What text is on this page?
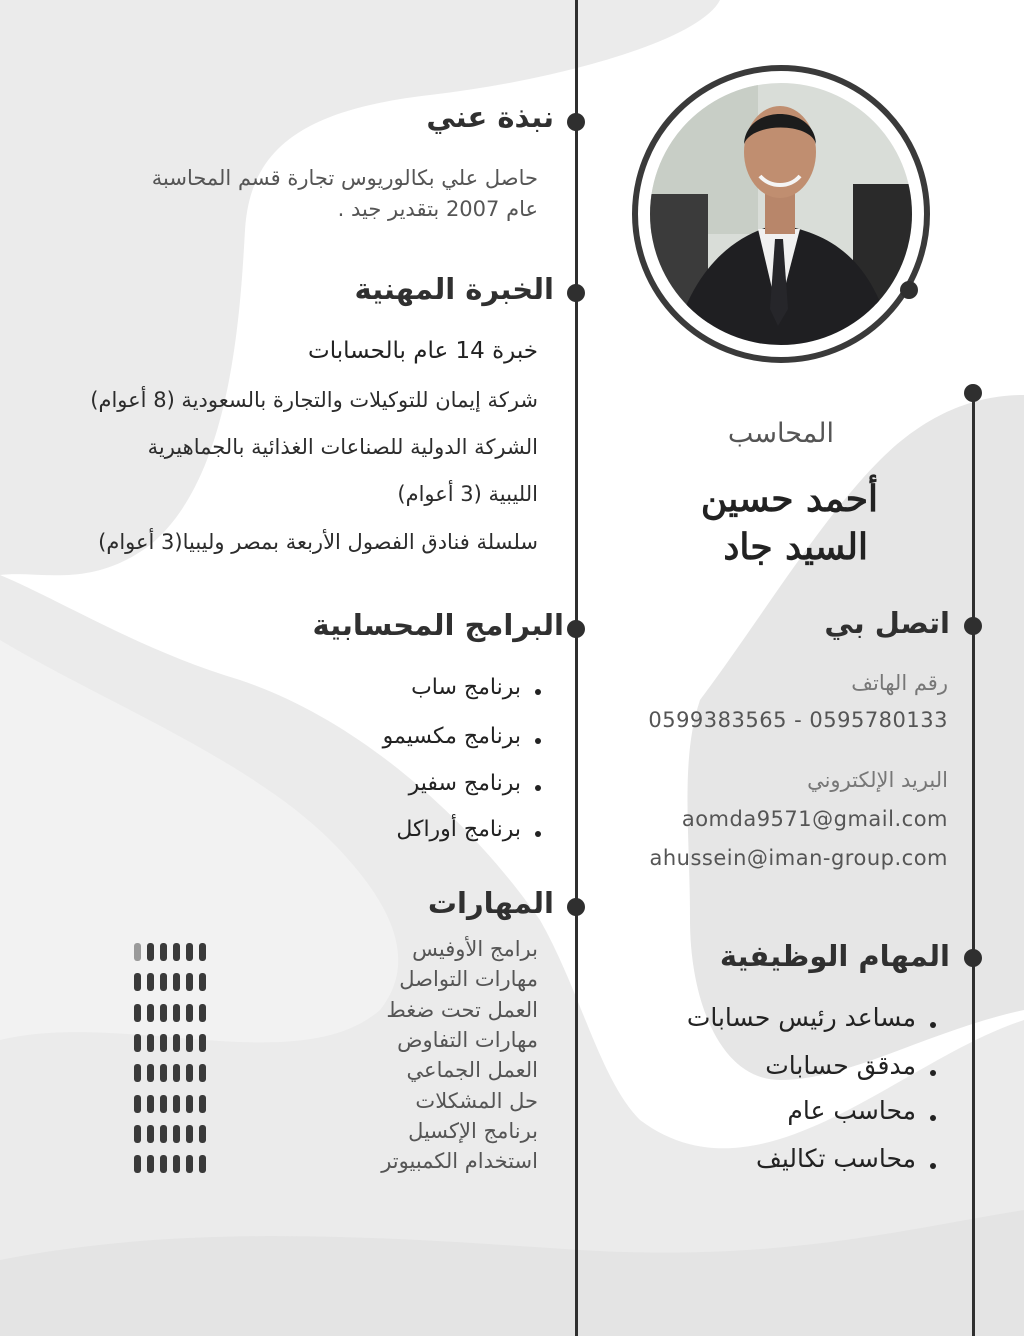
نبذة عني
حاصل علي بكالوريوس تجارة قسم المحاسبة
عام 2007 بتقدير جيد .
الخبرة المهنية
خبرة 14 عام بالحسابات
شركة إيمان للتوكيلات والتجارة بالسعودية (8 أعوام)
الشركة الدولية للصناعات الغذائية بالجماهيرية
الليبية (3 أعوام)
سلسلة فنادق الفصول الأربعة بمصر وليبيا(3 أعوام)
البرامج المحسابية
برنامج ساب
برنامج مكسيمو
برنامج سفير
برنامج أوراكل
المهارات
برامج الأوفيس
مهارات التواصل
العمل تحت ضغط
مهارات التفاوض
العمل الجماعي
حل المشكلات
برنامج الإكسيل
استخدام الكمبيوتر
المحاسب
أحمد حسين
السيد جاد
اتصل بي
رقم الهاتف
0599383565 - 0595780133
البريد الإلكتروني
aomda9571@gmail.com
ahussein@iman-group.com
المهام الوظيفية
مساعد رئيس حسابات
مدقق حسابات
محاسب عام
محاسب تكاليف
